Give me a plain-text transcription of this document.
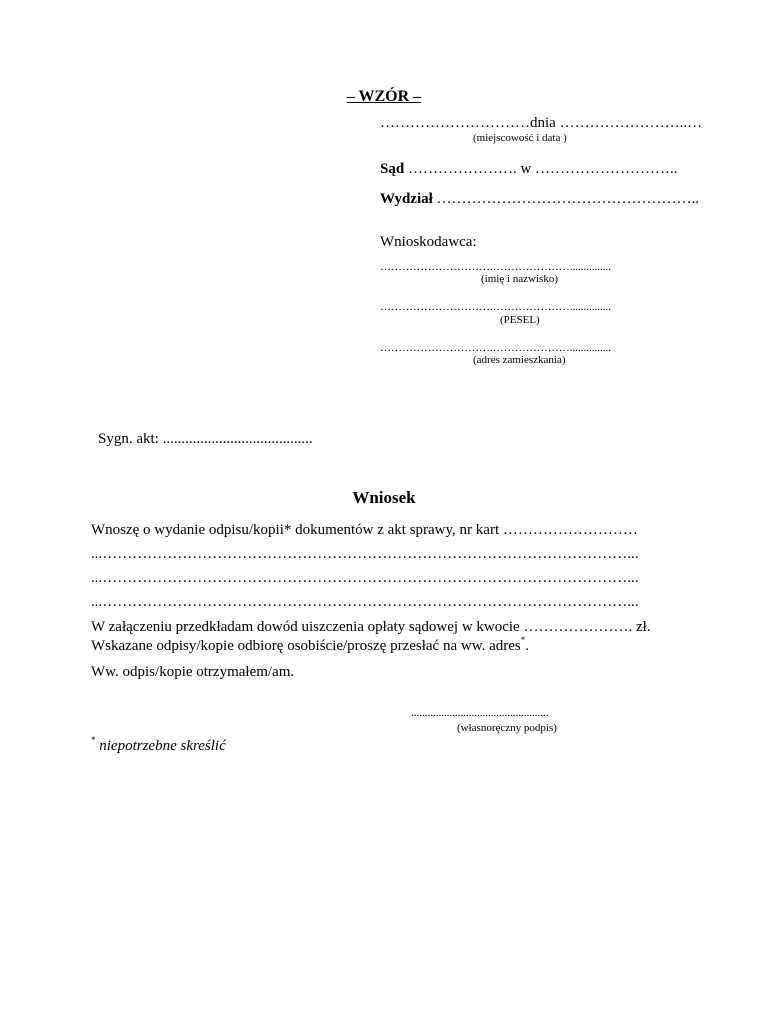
– WZÓR –
…………………………dnia ……………………..…
(miejscowość i data )
Sąd …………………. w ………………………..
Wydział ……………………………………………..
Wnioskodawca:
………………………….…………………...............
(imię i nazwisko)
………………………….…………………...............
(PESEL)
………………………….…………………...............
(adres zamieszkania)
Sygn. akt: ........................................
Wniosek
Wnoszę o wydanie odpisu/kopii* dokumentów z akt sprawy, nr kart ………………………
...……………………………………………………………………………………………...
...……………………………………………………………………………………………...
...……………………………………………………………………………………………...
W załączeniu przedkładam dowód uiszczenia opłaty sądowej w kwocie …………………. zł.
Wskazane odpisy/kopie odbiorę osobiście/proszę przesłać na ww. adres*.
Ww. odpis/kopie otrzymałem/am.
..................................................
(własnoręczny podpis)
* niepotrzebne skreślić
